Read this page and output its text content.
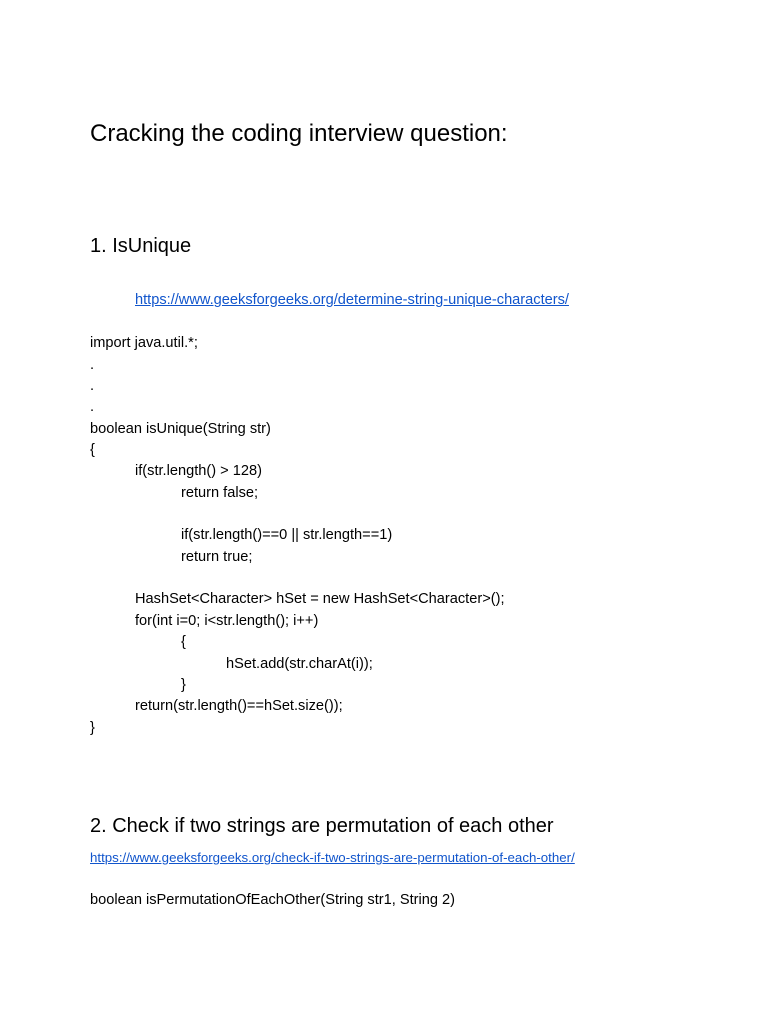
Cracking the coding interview question:
1. IsUnique
https://www.geeksforgeeks.org/determine-string-unique-characters/
import java.util.*;
.
.
.
boolean isUnique(String str)
{
if(str.length() > 128)
return false;
if(str.length()==0 || str.length==1)
return true;
HashSet<Character> hSet = new HashSet<Character>();
for(int i=0; i<str.length(); i++)
{
hSet.add(str.charAt(i));
}
return(str.length()==hSet.size());
}
2. Check if two strings are permutation of each other
https://www.geeksforgeeks.org/check-if-two-strings-are-permutation-of-each-other/
boolean isPermutationOfEachOther(String str1, String 2)
